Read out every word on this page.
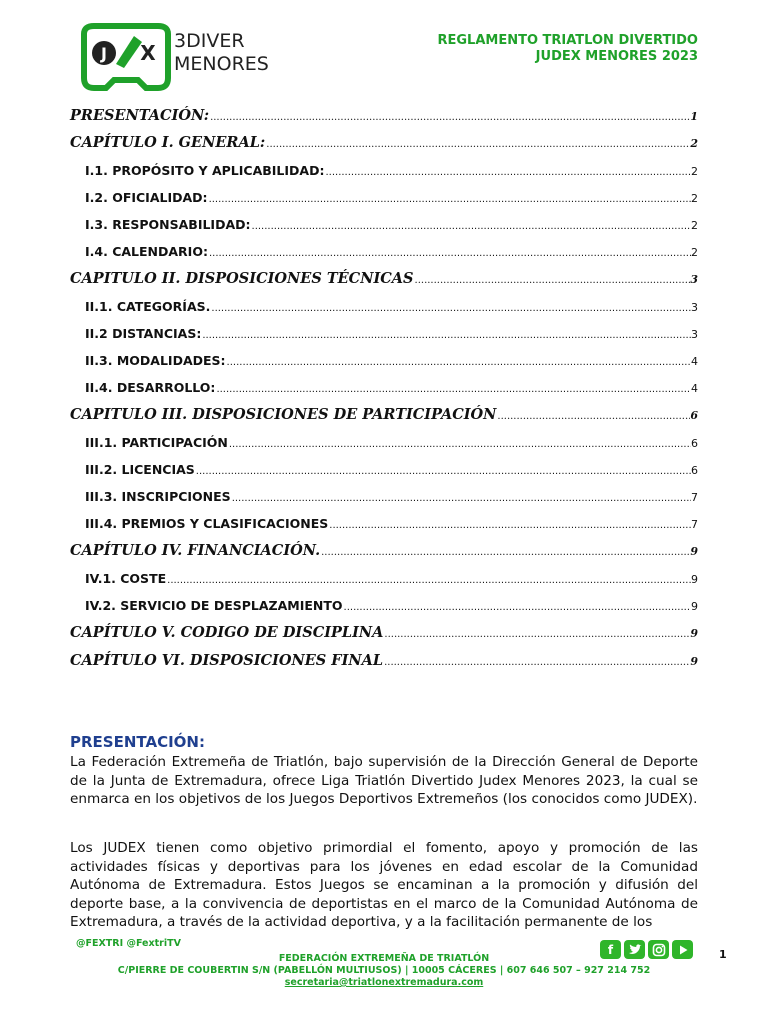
J X 3DIVER
MENORES
REGLAMENTO TRIATLON DIVERTIDO
JUDEX MENORES 2023
PRESENTACIÓN: .....	1
CAPÍTULO I. GENERAL: .....	2
I.1. PROPÓSITO Y APLICABILIDAD: .....	2
I.2. OFICIALIDAD: .....	2
I.3. RESPONSABILIDAD: .....	2
I.4. CALENDARIO: .....	2
CAPITULO II. DISPOSICIONES TÉCNICAS .....	3
II.1. CATEGORÍAS. .....	3
II.2 DISTANCIAS: .....	3
II.3. MODALIDADES: .....	4
II.4. DESARROLLO: .....	4
CAPITULO III. DISPOSICIONES DE PARTICIPACIÓN .....	6
III.1. PARTICIPACIÓN .....	6
III.2. LICENCIAS .....	6
III.3. INSCRIPCIONES .....	7
III.4. PREMIOS Y CLASIFICACIONES .....	7
CAPÍTULO IV. FINANCIACIÓN. .....	9
IV.1. COSTE .....	9
IV.2. SERVICIO DE DESPLAZAMIENTO .....	9
CAPÍTULO V. CODIGO DE DISCIPLINA .....	9
CAPÍTULO VI. DISPOSICIONES FINAL .....	9
PRESENTACIÓN:
La Federación Extremeña de Triatlón, bajo supervisión de la Dirección General de Deporte de la Junta de Extremadura, ofrece Liga Triatlón Divertido Judex Menores 2023, la cual se enmarca en los objetivos de los Juegos Deportivos Extremeños (los conocidos como JUDEX).
Los JUDEX tienen como objetivo primordial el fomento, apoyo y promoción de las actividades físicas y deportivas para los jóvenes en edad escolar de la Comunidad Autónoma de Extremadura. Estos Juegos se encaminan a la promoción y difusión del deporte base, a la convivencia de deportistas en el marco de la Comunidad Autónoma de Extremadura, a través de la actividad deportiva, y a la facilitación permanente de los
@FEXTRI @FextriTV	f	1
FEDERACIÓN EXTREMEÑA DE TRIATLÓN
C/PIERRE DE COUBERTIN S/N (PABELLÓN MULTIUSOS) | 10005 CÁCERES | 607 646 507 – 927 214 752
secretaria@triatlonextremadura.com
